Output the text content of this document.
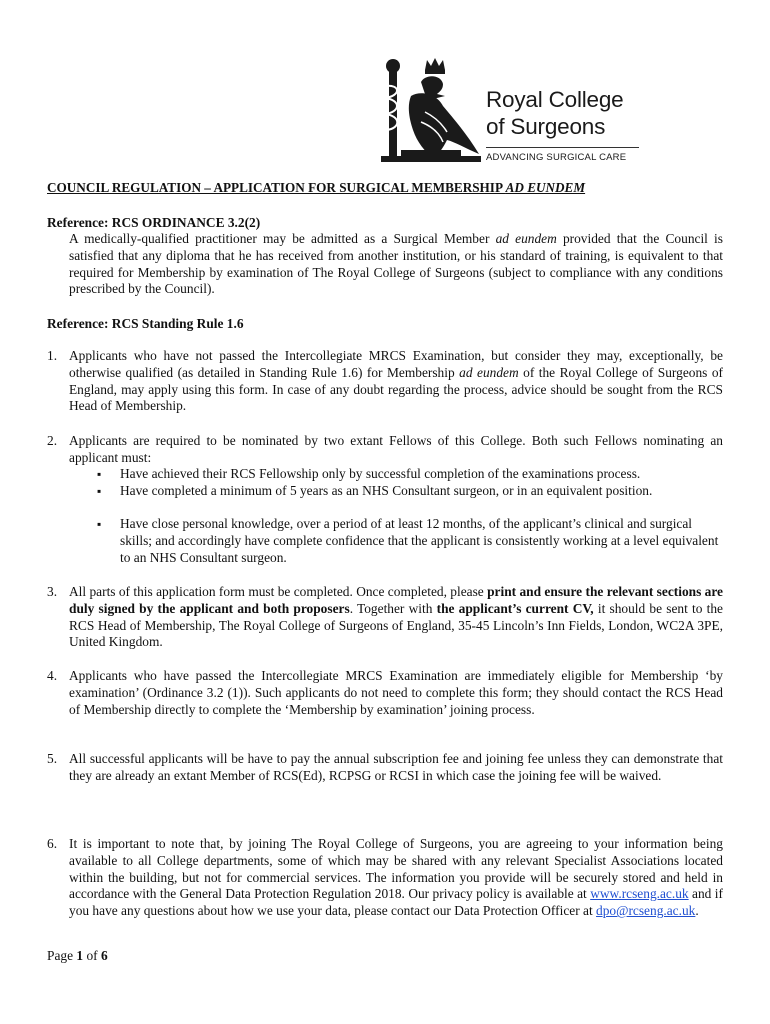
Royal College
of Surgeons
ADVANCING SURGICAL CARE
COUNCIL REGULATION – APPLICATION FOR SURGICAL MEMBERSHIP AD EUNDEM
Reference: RCS ORDINANCE 3.2(2)
A medically-qualified practitioner may be admitted as a Surgical Member ad eundem provided that the Council is satisfied that any diploma that he has received from another institution, or his standard of training, is equivalent to that required for Membership by examination of The Royal College of Surgeons (subject to compliance with any conditions prescribed by the Council).
Reference: RCS Standing Rule 1.6
1. Applicants who have not passed the Intercollegiate MRCS Examination, but consider they may, exceptionally, be otherwise qualified (as detailed in Standing Rule 1.6) for Membership ad eundem of the Royal College of Surgeons of England, may apply using this form. In case of any doubt regarding the process, advice should be sought from the RCS Head of Membership.
2. Applicants are required to be nominated by two extant Fellows of this College. Both such Fellows nominating an applicant must:
▪ Have achieved their RCS Fellowship only by successful completion of the examinations process.
▪ Have completed a minimum of 5 years as an NHS Consultant surgeon, or in an equivalent position.
▪ Have close personal knowledge, over a period of at least 12 months, of the applicant’s clinical and surgical skills; and accordingly have complete confidence that the applicant is consistently working at a level equivalent to an NHS Consultant surgeon.
3. All parts of this application form must be completed. Once completed, please print and ensure the relevant sections are duly signed by the applicant and both proposers. Together with the applicant’s current CV, it should be sent to the RCS Head of Membership, The Royal College of Surgeons of England, 35-45 Lincoln’s Inn Fields, London, WC2A 3PE, United Kingdom.
4. Applicants who have passed the Intercollegiate MRCS Examination are immediately eligible for Membership ‘by examination’ (Ordinance 3.2 (1)). Such applicants do not need to complete this form; they should contact the RCS Head of Membership directly to complete the ‘Membership by examination’ joining process.
5. All successful applicants will be have to pay the annual subscription fee and joining fee unless they can demonstrate that they are already an extant Member of RCS(Ed), RCPSG or RCSI in which case the joining fee will be waived.
6. It is important to note that, by joining The Royal College of Surgeons, you are agreeing to your information being available to all College departments, some of which may be shared with any relevant Specialist Associations located within the building, but not for commercial services. The information you provide will be securely stored and held in accordance with the General Data Protection Regulation 2018. Our privacy policy is available at www.rcseng.ac.uk and if you have any questions about how we use your data, please contact our Data Protection Officer at dpo@rcseng.ac.uk.
Page 1 of 6
